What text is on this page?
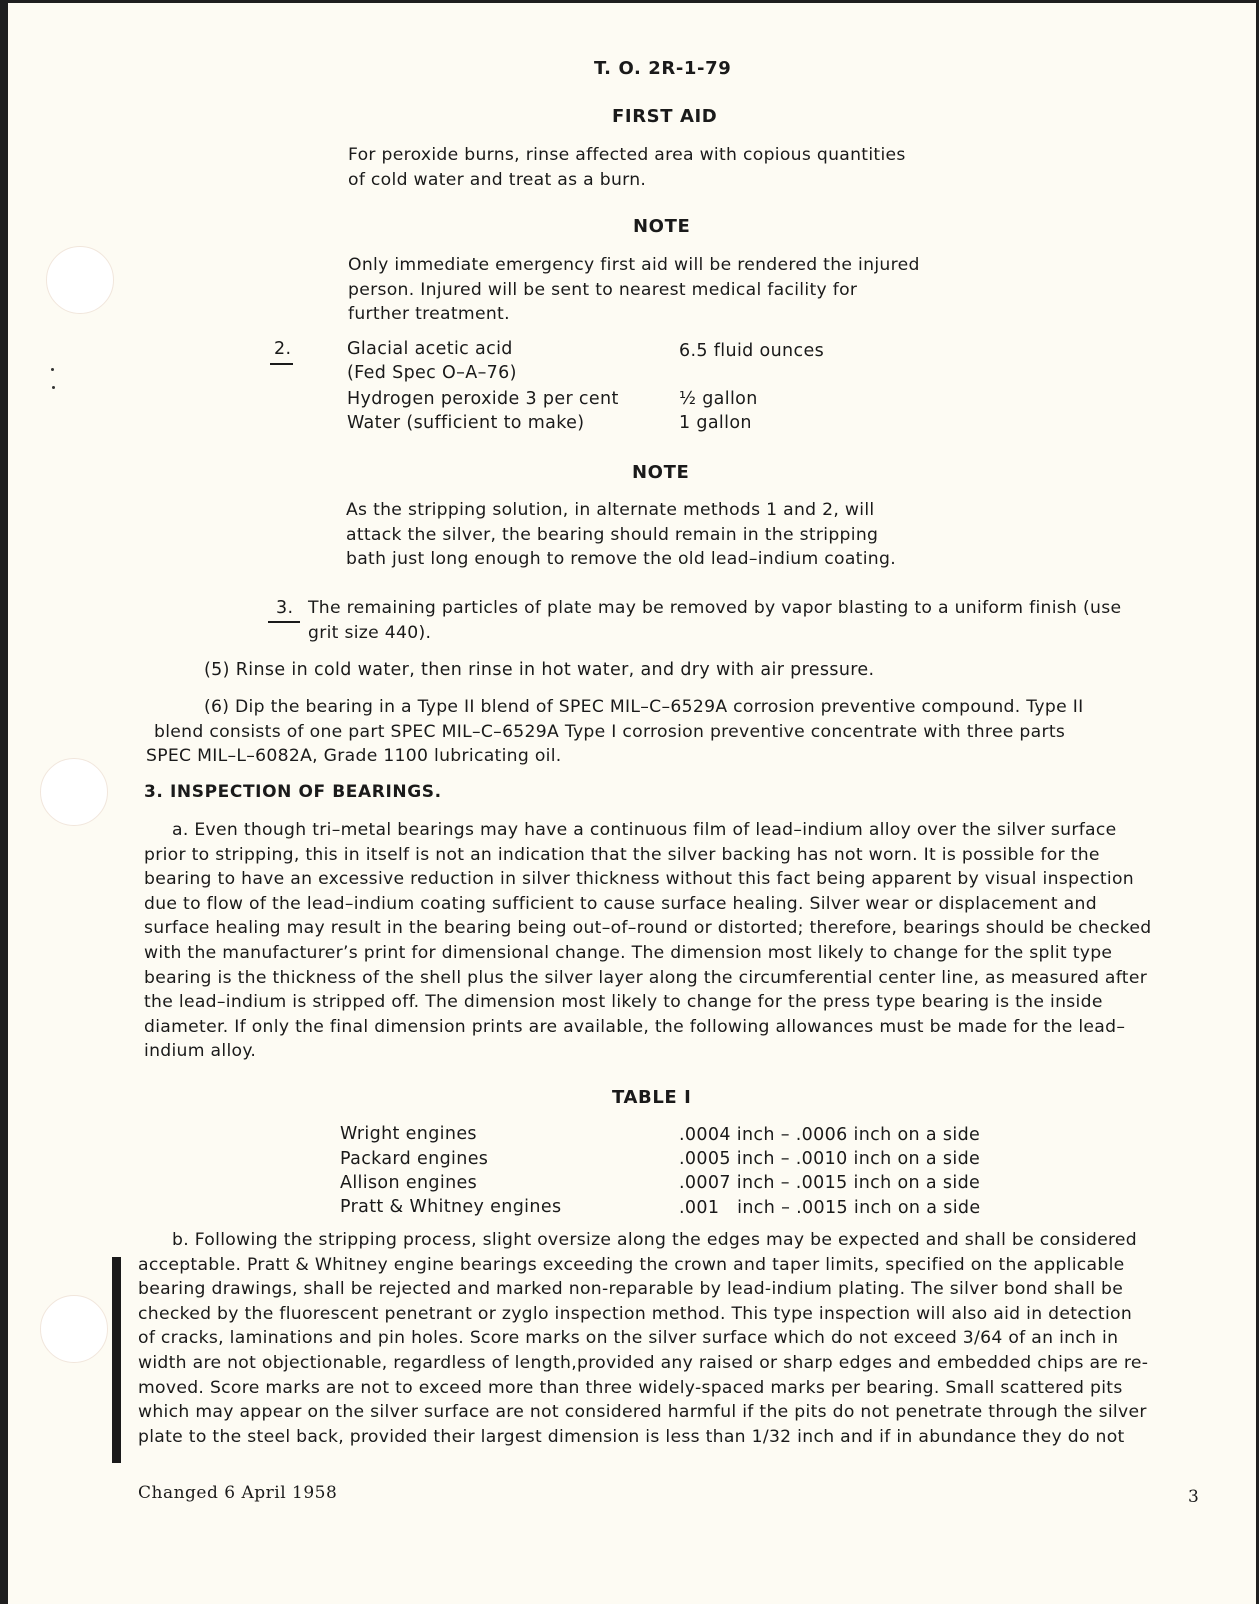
T. O. 2R-1-79
FIRST AID
For peroxide burns, rinse affected area with copious quantities
of cold water and treat as a burn.
NOTE
Only immediate emergency first aid will be rendered the injured
person. Injured will be sent to nearest medical facility for
further treatment.
2.	Glacial acetic acid	6.5 fluid ounces
(Fed Spec O–A–76)
Hydrogen peroxide 3 per cent	½ gallon
Water (sufficient to make)	1 gallon
NOTE
As the stripping solution, in alternate methods 1 and 2, will
attack the silver, the bearing should remain in the stripping
bath just long enough to remove the old lead–indium coating.
3. The remaining particles of plate may be removed by vapor blasting to a uniform finish (use
grit size 440).
(5) Rinse in cold water, then rinse in hot water, and dry with air pressure.
(6) Dip the bearing in a Type II blend of SPEC MIL–C–6529A corrosion preventive compound. Type II
blend consists of one part SPEC MIL–C–6529A Type I corrosion preventive concentrate with three parts
SPEC MIL–L–6082A, Grade 1100 lubricating oil.
3. INSPECTION OF BEARINGS.
a. Even though tri–metal bearings may have a continuous film of lead–indium alloy over the silver surface
prior to stripping, this in itself is not an indication that the silver backing has not worn. It is possible for the
bearing to have an excessive reduction in silver thickness without this fact being apparent by visual inspection
due to flow of the lead–indium coating sufficient to cause surface healing. Silver wear or displacement and
surface healing may result in the bearing being out–of–round or distorted; therefore, bearings should be checked
with the manufacturer’s print for dimensional change. The dimension most likely to change for the split type
bearing is the thickness of the shell plus the silver layer along the circumferential center line, as measured after
the lead–indium is stripped off. The dimension most likely to change for the press type bearing is the inside
diameter. If only the final dimension prints are available, the following allowances must be made for the lead–
indium alloy.
TABLE I
Wright engines	.0004 inch – .0006 inch on a side
Packard engines	.0005 inch – .0010 inch on a side
Allison engines	.0007 inch – .0015 inch on a side
Pratt & Whitney engines	.001   inch – .0015 inch on a side
b. Following the stripping process, slight oversize along the edges may be expected and shall be considered
acceptable. Pratt & Whitney engine bearings exceeding the crown and taper limits, specified on the applicable
bearing drawings, shall be rejected and marked non-reparable by lead-indium plating. The silver bond shall be
checked by the fluorescent penetrant or zyglo inspection method. This type inspection will also aid in detection
of cracks, laminations and pin holes. Score marks on the silver surface which do not exceed 3/64 of an inch in
width are not objectionable, regardless of length,provided any raised or sharp edges and embedded chips are re-
moved. Score marks are not to exceed more than three widely-spaced marks per bearing. Small scattered pits
which may appear on the silver surface are not considered harmful if the pits do not penetrate through the silver
plate to the steel back, provided their largest dimension is less than 1/32 inch and if in abundance they do not
Changed 6 April 1958	3
